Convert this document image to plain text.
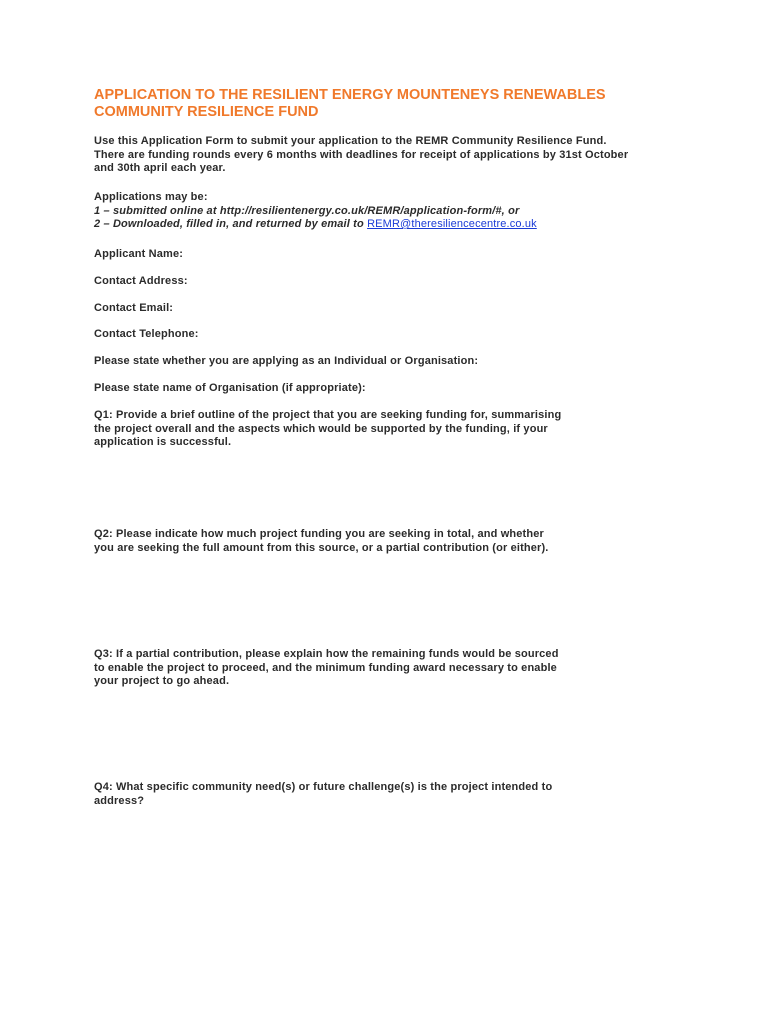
APPLICATION TO THE RESILIENT ENERGY MOUNTENEYS RENEWABLES

COMMUNITY RESILIENCE FUND

Use this Application Form to submit your application to the REMR Community Resilience Fund.

There are funding rounds every 6 months with deadlines for receipt of applications by 31st October

and 30th april each year.

Applications may be:

1 – submitted online at http://resilientenergy.co.uk/REMR/application-form/#, or

2 – Downloaded, filled in, and returned by email to REMR@theresiliencecentre.co.uk

Applicant Name:

Contact Address:

Contact Email:

Contact Telephone:

Please state whether you are applying as an Individual or Organisation:

Please state name of Organisation (if appropriate):

Q1: Provide a brief outline of the project that you are seeking funding for, summarising

the project overall and the aspects which would be supported by the funding, if your

application is successful.

Q2: Please indicate how much project funding you are seeking in total, and whether

you are seeking the full amount from this source, or a partial contribution (or either).

Q3: If a partial contribution, please explain how the remaining funds would be sourced

to enable the project to proceed, and the minimum funding award necessary to enable

your project to go ahead.

Q4: What specific community need(s) or future challenge(s) is the project intended to

address?
